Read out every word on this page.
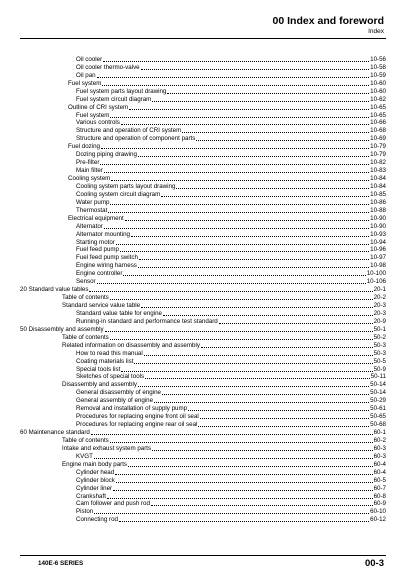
00 Index and foreword
Index
Oil cooler	10-56
Oil cooler thermo-valve	10-58
Oil pan	10-59
Fuel system	10-60
Fuel system parts layout drawing	10-60
Fuel system circuit diagram	10-62
Outline of CRI system	10-65
Fuel system	10-65
Various controls	10-66
Structure and operation of CRI system	10-68
Structure and operation of component parts	10-69
Fuel dozing	10-79
Dozing piping drawing	10-79
Pre-filter	10-82
Main filter	10-83
Cooling system	10-84
Cooling system parts layout drawing	10-84
Cooling system circuit diagram	10-85
Water pump	10-86
Thermostat	10-88
Electrical equipment	10-90
Alternator	10-90
Alternator mounting	10-93
Starting motor	10-94
Fuel feed pump	10-96
Fuel feed pump switch	10-97
Engine wiring harness	10-98
Engine controller	10-100
Sensor	10-106
20 Standard value tables	20-1
Table of contents	20-2
Standard service value table	20-3
Standard value table for engine	20-3
Running-in standard and performance test standard	20-9
50 Disassembly and assembly	50-1
Table of contents	50-2
Related information on disassembly and assembly	50-3
How to read this manual	50-3
Coating materials list	50-5
Special tools list	50-9
Sketches of special tools	50-11
Disassembly and assembly	50-14
General disassembly of engine	50-14
General assembly of engine	50-29
Removal and installation of supply pump	50-61
Procedures for replacing engine front oil seal	50-65
Procedures for replacing engine rear oil seal	50-68
60 Maintenance standard	60-1
Table of contents	60-2
Intake and exhaust system parts	60-3
KVGT	60-3
Engine main body parts	60-4
Cylinder head	60-4
Cylinder block	60-5
Cylinder liner	60-7
Crankshaft	60-8
Cam follower and push rod	60-9
Piston	60-10
Connecting rod	60-12
140E-6 SERIES	00-3
